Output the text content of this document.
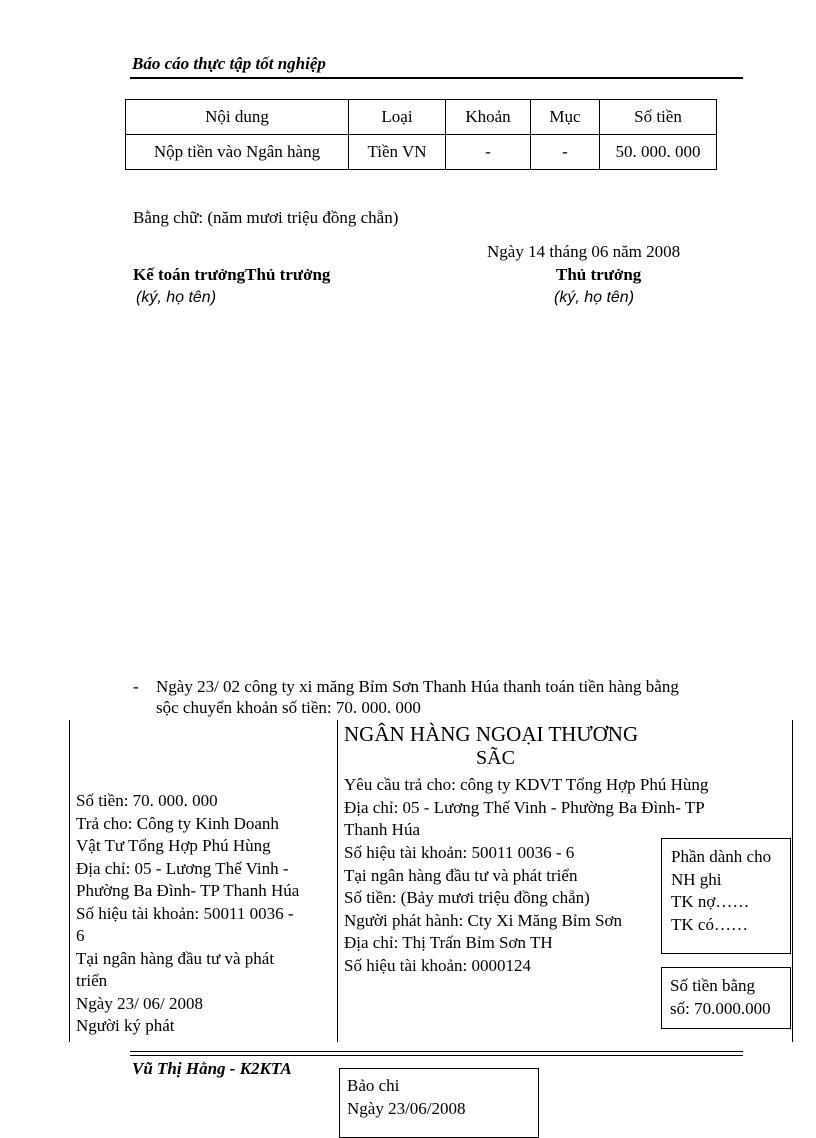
Báo cáo thực tập tốt nghiệp
Nội dung	Loại	Khoản	Mục	Số tiền
Nộp tiền vào Ngân hàng	Tiền VN	-	-	50. 000. 000
Bằng chữ: (năm mươi triệu đồng chẵn)
Ngày 14 tháng 06 năm 2008
Kế toán trưởngThủ trưởng
(ký, họ tên)
Thủ trưởng
(ký, họ tên)
- Ngày 23/ 02 công ty xi măng Bỉm Sơn Thanh Húa thanh toán tiền hàng bằng
sộc chuyển khoản số tiền: 70. 000. 000
Số tiền: 70. 000. 000
Trả cho: Công ty Kinh Doanh
Vật Tư Tổng Hợp Phú Hùng
Địa chỉ: 05 - Lương Thế Vinh -
Phường Ba Đình- TP Thanh Húa
Số hiệu tài khoản: 50011 0036 -
6
Tại ngân hàng đầu tư và phát
triển
Ngày 23/ 06/ 2008
Người ký phát
NGÂN HÀNG NGOẠI THƯƠNG
SÃC
Yêu cầu trả cho: công ty KDVT Tổng Hợp Phú Hùng
Địa chỉ: 05 - Lương Thế Vinh - Phường Ba Đình- TP
Thanh Húa
Số hiệu tài khoản: 50011 0036 - 6
Tại ngân hàng đầu tư và phát triển
Số tiền: (Bảy mươi triệu đồng chẵn)
Người phát hành: Cty Xi Măng Bỉm Sơn
Địa chỉ: Thị Trấn Bỉm Sơn TH
Số hiệu tài khoản: 0000124
Phần dành cho
NH ghi
TK nợ……
TK có……
Số tiền bằng
số: 70.000.000
Vũ Thị Hằng - K2KTA
Bảo chi
Ngày 23/06/2008
